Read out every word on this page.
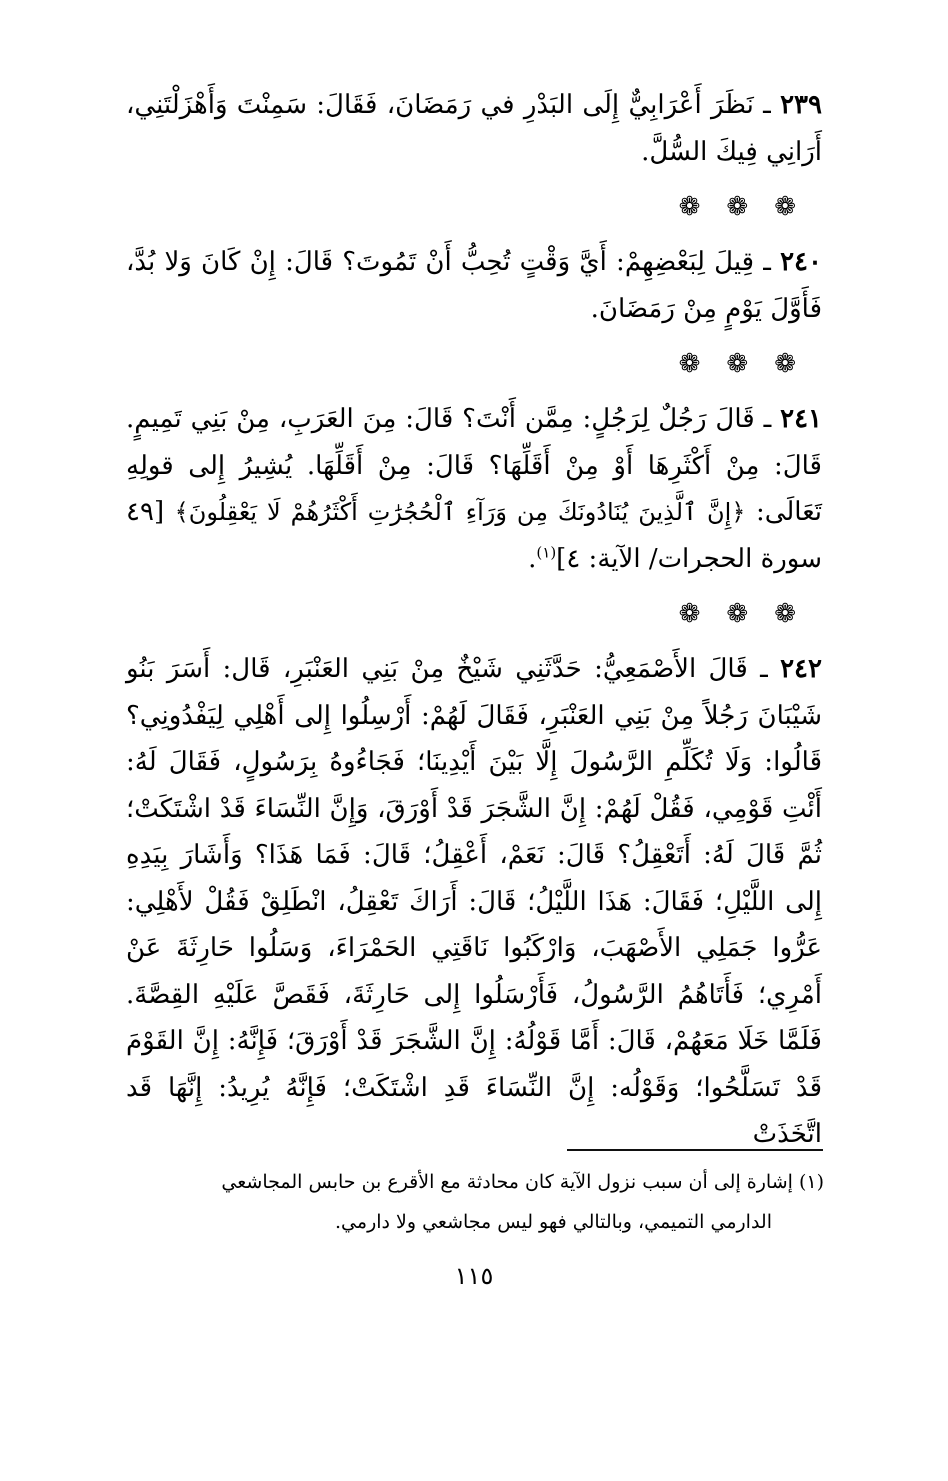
٢٣٩ ـ نَظَرَ أَعْرَابِيٌّ إِلَى البَدْرِ في رَمَضَانَ، فَقَالَ: سَمِنْتَ وَأَهْزَلْتَنِي، أَرَانِي فِيكَ السُّلَّ.

❁❁❁

٢٤٠ ـ قِيلَ لِبَعْضِهِمْ: أَيَّ وَقْتٍ تُحِبُّ أَنْ تَمُوتَ؟ قَالَ: إِنْ كَانَ وَلا بُدَّ، فَأَوَّلَ يَوْمٍ مِنْ رَمَضَانَ.

❁❁❁

٢٤١ ـ قَالَ رَجُلٌ لِرَجُلٍ: مِمَّن أَنْتَ؟ قَالَ: مِنَ العَرَبِ، مِنْ بَنِي تَمِيمٍ. قَالَ: مِنْ أَكْثَرِهَا أَوْ مِنْ أَقَلِّهَا؟ قَالَ: مِنْ أَقَلِّهَا. يُشِيرُ إِلى قولِهِ تَعَالَى: ﴿إِنَّ ٱلَّذِينَ يُنَادُونَكَ مِن وَرَآءِ ٱلْحُجُرَٰتِ أَكْثَرُهُمْ لَا يَعْقِلُونَ﴾ [٤٩ سورة الحجرات/ الآية: ٤]$^{(١)}$.

❁❁❁

٢٤٢ ـ قَالَ الأَصْمَعِيُّ: حَدَّثَنِي شَيْخٌ مِنْ بَنِي العَنْبَرِ، قَال: أَسَرَ بَنُو شَيْبَانَ رَجُلاً مِنْ بَنِي العَنْبَرِ، فَقَالَ لَهُمْ: أَرْسِلُوا إِلى أَهْلِي لِيَفْدُونِي؟ قَالُوا: وَلَا تُكَلِّمِ الرَّسُولَ إِلَّا بَيْنَ أَيْدِينَا؛ فَجَاءُوهُ بِرَسُولٍ، فَقَالَ لَهُ: أَئْتِ قَوْمِي، فَقُلْ لَهُمْ: إِنَّ الشَّجَرَ قَدْ أَوْرَقَ، وَإِنَّ النِّسَاءَ قَدْ اشْتَكَتْ؛ ثُمَّ قَالَ لَهُ: أَتَعْقِلُ؟ قَالَ: نَعَمْ، أَعْقِلُ؛ قَالَ: فَمَا هَذَا؟ وَأَشَارَ بِيَدِهِ إِلى اللَّيْلِ؛ فَقَالَ: هَذَا اللَّيْلُ؛ قَالَ: أَرَاكَ تَعْقِلُ، انْطَلِقْ فَقُلْ لأَهْلِي: عَرُّوا جَمَلِي الأَصْهَبَ، وَارْكَبُوا نَاقَتِي الحَمْرَاءَ، وَسَلُوا حَارِثَةَ عَنْ أَمْرِي؛ فَأَتَاهُمُ الرَّسُولُ، فَأَرْسَلُوا إِلى حَارِثَةَ، فَقَصَّ عَلَيْهِ القِصَّةَ. فَلَمَّا خَلَا مَعَهُمْ، قَالَ: أَمَّا قَوْلُهُ: إِنَّ الشَّجَرَ قَدْ أَوْرَقَ؛ فَإِنَّهُ: إِنَّ القَوْمَ قَدْ تَسَلَّحُوا؛ وَقَوْلُه: إِنَّ النِّسَاءَ قَدِ اشْتَكَتْ؛ فَإِنَّهُ يُرِيدُ: إِنَّهَا قَد اتَّخَذَتْ

(١) إشارة إلى أن سبب نزول الآية كان محادثة مع الأقرع بن حابس المجاشعي

الدارمي التميمي، وبالتالي فهو ليس مجاشعي ولا دارمي.

١١٥
